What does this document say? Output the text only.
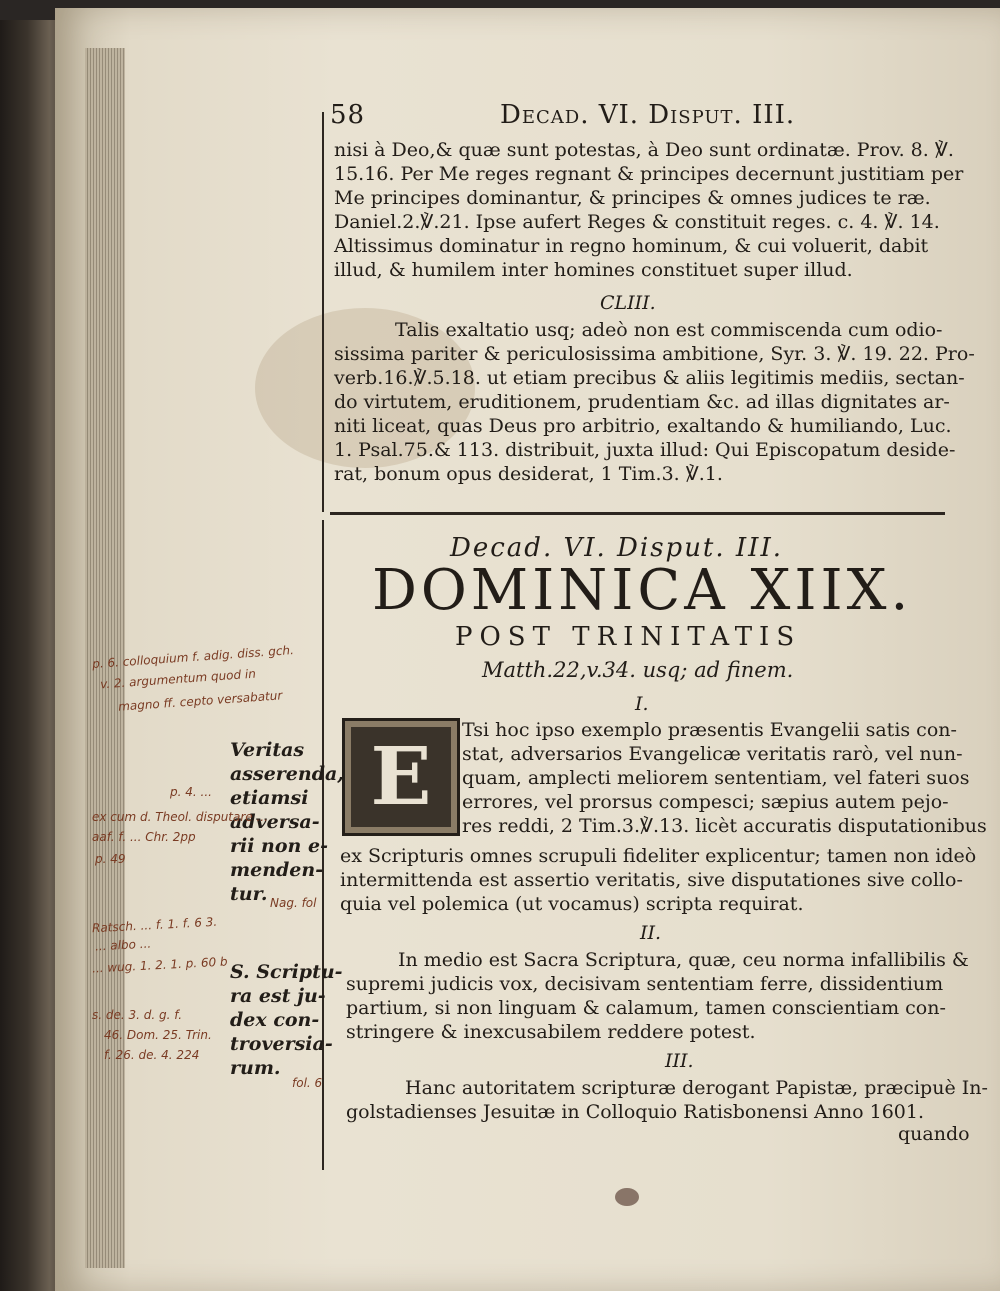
58	Decad. VI. Disput. III.
nisi à Deo,& quæ sunt potestas, à Deo sunt ordinatæ. Prov. 8. ℣.
15.16. Per Me reges regnant & principes decernunt justitiam per
Me principes dominantur, & principes & omnes judices te ræ.
Daniel.2.℣.21. Ipse aufert Reges & constituit reges. c. 4. ℣. 14.
Altissimus dominatur in regno hominum, & cui voluerit, dabit
illud, & humilem inter homines constituet super illud.
CLIII.
Talis exaltatio usq; adeò non est commiscenda cum odio-
sissima pariter & periculosissima ambitione, Syr. 3. ℣. 19. 22. Pro-
verb.16.℣.5.18. ut etiam precibus & aliis legitimis mediis, sectan-
do virtutem, eruditionem, prudentiam &c. ad illas dignitates ar-
niti liceat, quas Deus pro arbitrio, exaltando & humiliando, Luc.
1. Psal.75.& 113. distribuit, juxta illud: Qui Episcopatum deside-
rat, bonum opus desiderat, 1 Tim.3. ℣.1.
Decad. VI. Disput. III.
DOMINICA XIIX.
POST TRINITATIS
Matth.22,v.34. usq; ad finem.
I.
E	Tsi hoc ipso exemplo præsentis Evangelii satis con-
stat, adversarios Evangelicæ veritatis rarò, vel nun-
quam, amplecti meliorem sententiam, vel fateri suos
errores, vel prorsus compesci; sæpius autem pejo-
res reddi, 2 Tim.3.℣.13. licèt accuratis disputationibus
ex Scripturis omnes scrupuli fideliter explicentur; tamen non ideò
intermittenda est assertio veritatis, sive disputationes sive collo-
quia vel polemica (ut vocamus) scripta requirat.
II.
In medio est Sacra Scriptura, quæ, ceu norma infallibilis &
supremi judicis vox, decisivam sententiam ferre, dissidentium
partium, si non linguam & calamum, tamen conscientiam con-
stringere & inexcusabilem reddere potest.
III.
Hanc autoritatem scripturæ derogant Papistæ, præcipuè In-
golstadienses Jesuitæ in Colloquio Ratisbonensi Anno 1601.
quando
Veritas
asserenda,
etiamsi
adversa-
rii non e-
menden-
tur.
S. Scriptu-
ra est ju-
dex con-
troversia-
rum.
p. 6. colloquium f. adig. diss. gch.
v. 2. argumentum quod in
magno ff. cepto versabatur
p. 4. ...
ex cum d. Theol. disputare ...
aaf. f. ... Chr. 2pp
p. 49
Nag. fol
Ratsch. ... f. 1. f. 6 3.
... albo ...
... wug. 1. 2. 1. p. 60 b
s. de. 3. d. g. f.
46. Dom. 25. Trin.
f. 26. de. 4. 224
fol. 6
